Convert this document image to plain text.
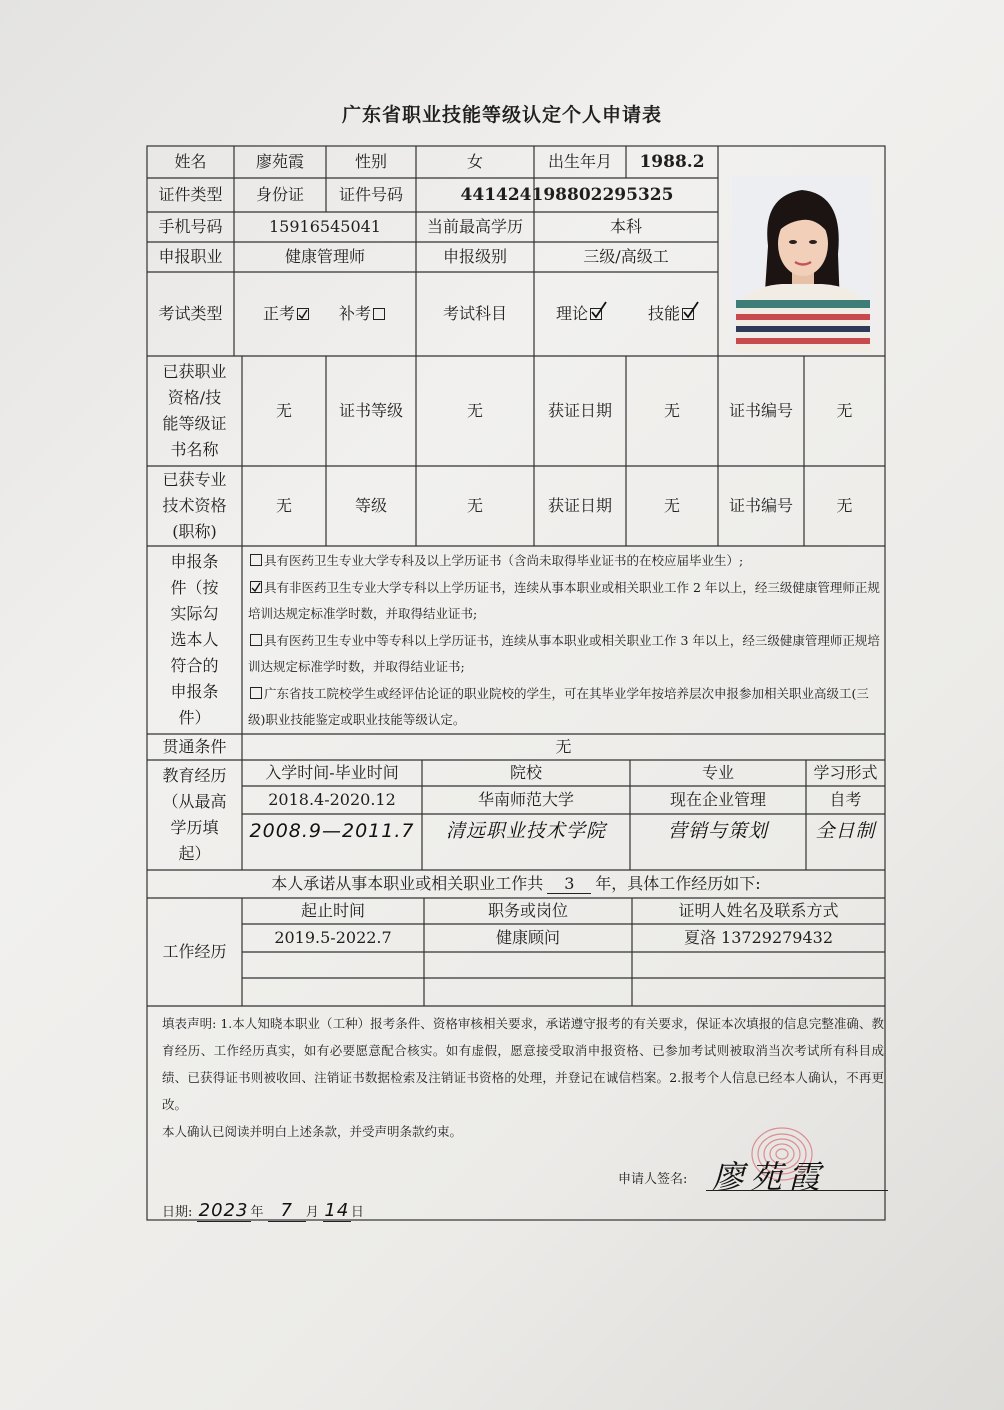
广东省职业技能等级认定个人申请表
姓名	廖苑霞	性别	女	出生年月	1988.2
证件类型	身份证	证件号码	441424198802295325
手机号码	15916545041	当前最高学历	本科
申报职业	健康管理师	申报级别	三级/高级工
考试类型	正考	补考	考试科目	理论	技能
已获职业资格/技能等级证书名称
无	证书等级	无	获证日期	无	证书编号	无
已获专业技术资格(职称)
无	等级	无	获证日期	无	证书编号	无
申报条件（按实际勾选本人符合的申报条件）
具有医药卫生专业大学专科及以上学历证书（含尚未取得毕业证书的在校应届毕业生）;
具有非医药卫生专业大学专科以上学历证书，连续从事本职业或相关职业工作 2 年以上，经三级健康管理师正规培训达规定标准学时数，并取得结业证书;
具有医药卫生专业中等专科以上学历证书，连续从事本职业或相关职业工作 3 年以上，经三级健康管理师正规培训达规定标准学时数，并取得结业证书;
广东省技工院校学生或经评估论证的职业院校的学生，可在其毕业学年按培养层次申报参加相关职业高级工(三级)职业技能鉴定或职业技能等级认定。
贯通条件	无
教育经历（从最高学历填起）
入学时间-毕业时间	院校	专业	学习形式
2018.4-2020.12	华南师范大学	现在企业管理	自考
2008.9—2011.7	清远职业技术学院	营销与策划	全日制
本人承诺从事本职业或相关职业工作共	3	年，具体工作经历如下:
工作经历
起止时间	职务或岗位	证明人姓名及联系方式
2019.5-2022.7	健康顾问	夏洛 13729279432
填表声明: 1.本人知晓本职业（工种）报考条件、资格审核相关要求，承诺遵守报考的有关要求，保证本次填报的信息完整准确、教育经历、工作经历真实，如有必要愿意配合核实。如有虚假，愿意接受取消申报资格、已参加考试则被取消当次考试所有科目成绩、已获得证书则被收回、注销证书数据检索及注销证书资格的处理，并登记在诚信档案。2.报考个人信息已经本人确认，不再更改。
本人确认已阅读并明白上述条款，并受声明条款约束。
申请人签名: 廖苑霞
日期: 2023 年 7 月 14 日
